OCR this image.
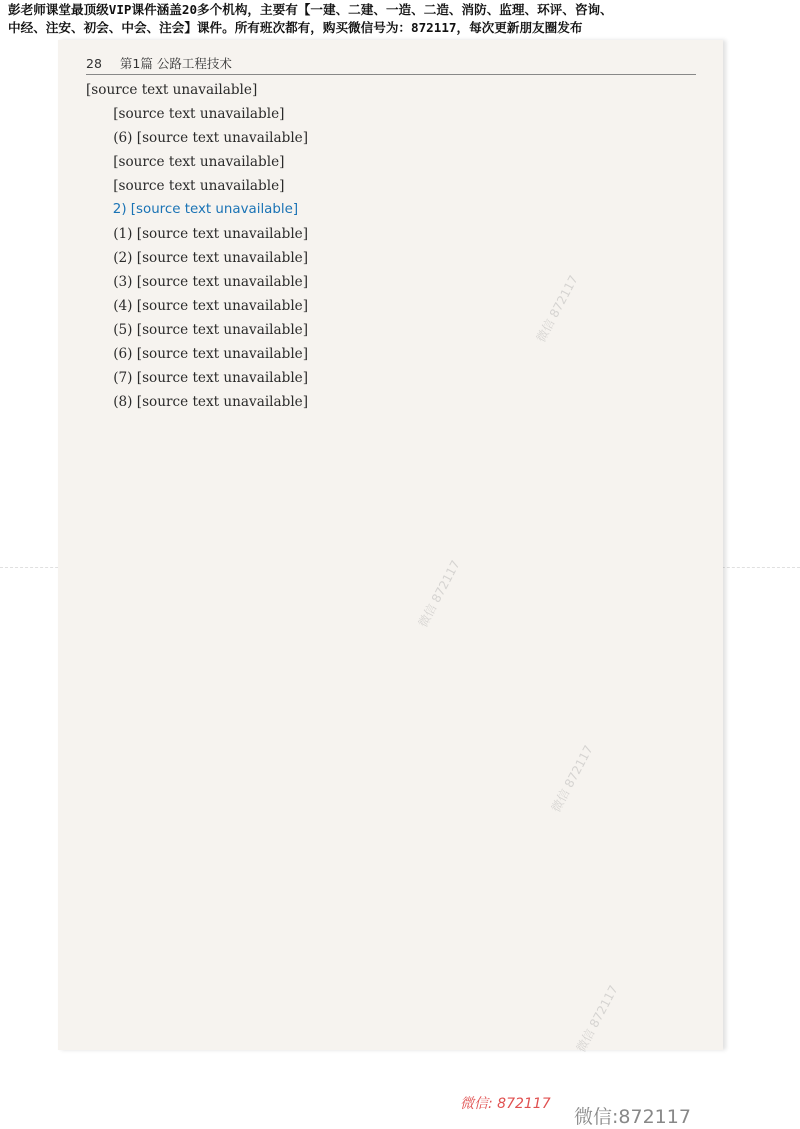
彭老师课堂最顶级VIP课件涵盖20多个机构，主要有【一建、二建、一造、二造、消防、监理、环评、咨询、
中经、注安、初会、中会、注会】课件。所有班次都有，购买微信号为：872117，每次更新朋友圈发布
28 第1篇 公路工程技术

[source text unavailable]

[source text unavailable]

(6) [source text unavailable]

[source text unavailable]

[source text unavailable]

2) [source text unavailable]

(1) [source text unavailable]

(2) [source text unavailable]

(3) [source text unavailable]

(4) [source text unavailable]

(5) [source text unavailable]

(6) [source text unavailable]

(7) [source text unavailable]

(8) [source text unavailable]

微信 872117
微信 872117
微信 872117
微信 872117
微信: 872117
微信:872117
